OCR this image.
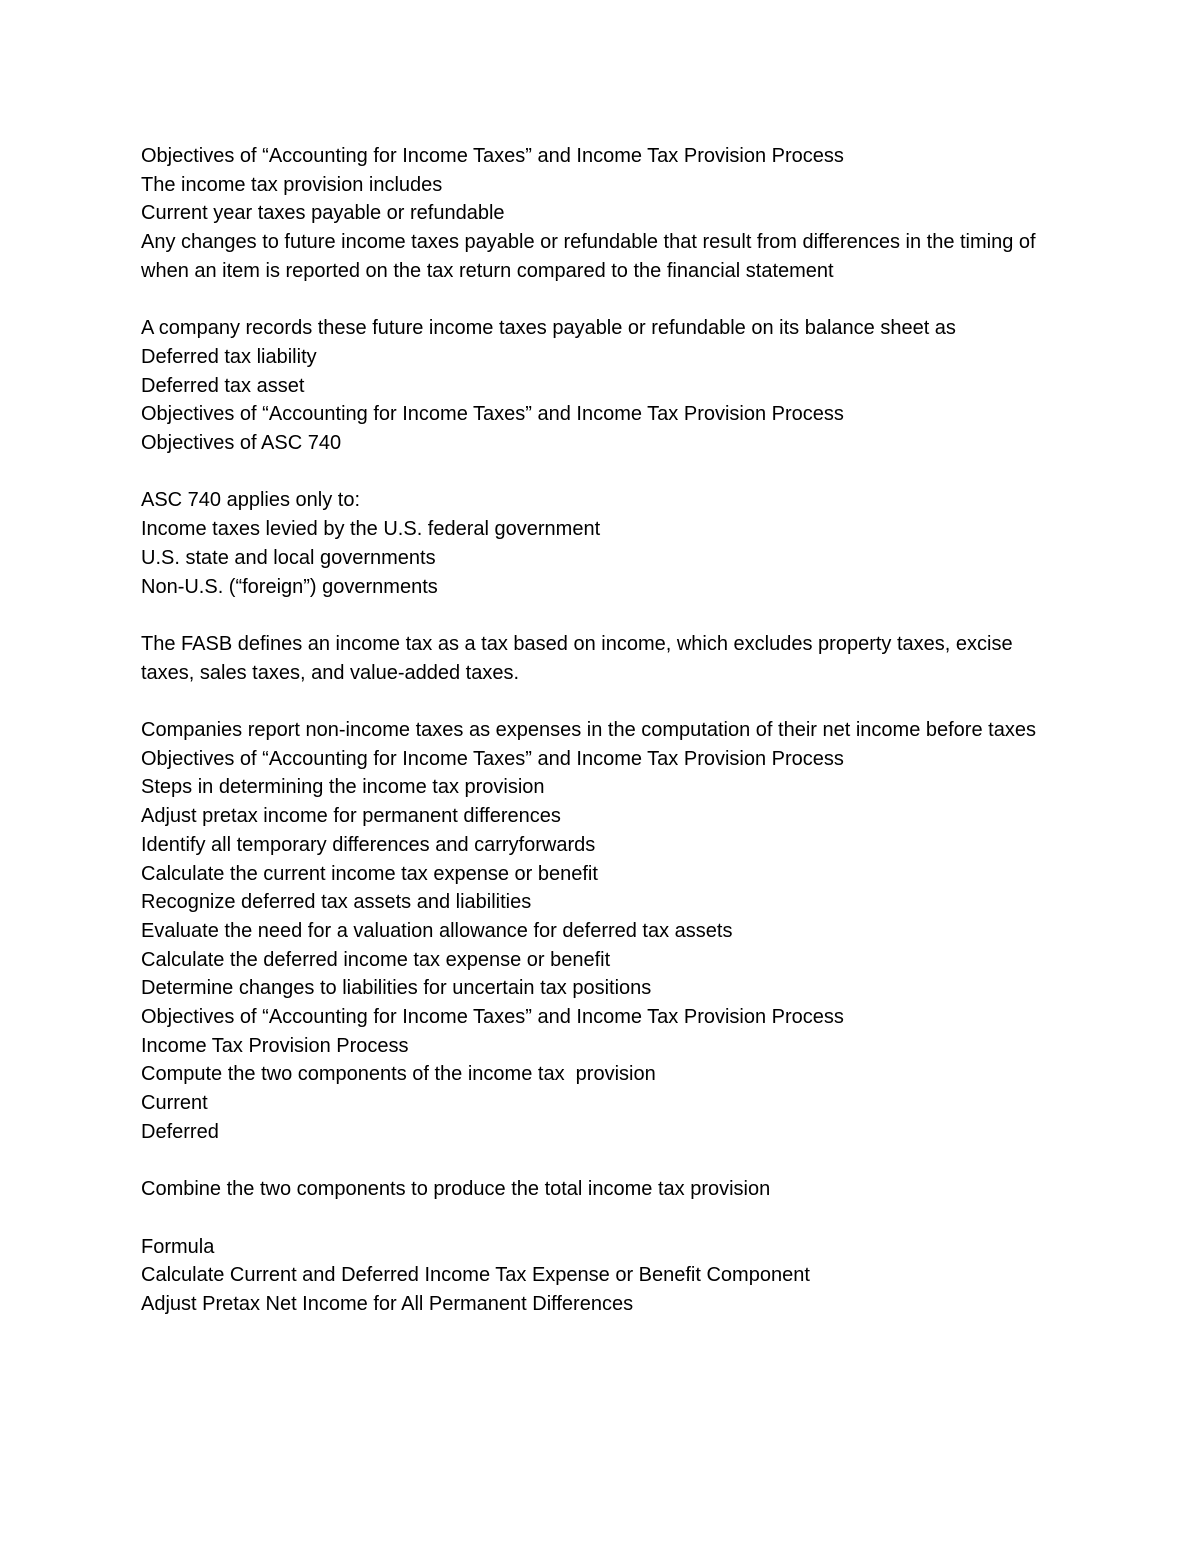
Objectives of “Accounting for Income Taxes” and Income Tax Provision Process

The income tax provision includes

Current year taxes payable or refundable

Any changes to future income taxes payable or refundable that result from differences in the timing of when an item is reported on the tax return compared to the financial statement

A company records these future income taxes payable or refundable on its balance sheet as

Deferred tax liability

Deferred tax asset

Objectives of “Accounting for Income Taxes” and Income Tax Provision Process

Objectives of ASC 740

ASC 740 applies only to:

Income taxes levied by the U.S. federal government

U.S. state and local governments

Non-U.S. (“foreign”) governments

The FASB defines an income tax as a tax based on income, which excludes property taxes, excise taxes, sales taxes, and value-added taxes.

Companies report non-income taxes as expenses in the computation of their net income before taxes

Objectives of “Accounting for Income Taxes” and Income Tax Provision Process

Steps in determining the income tax provision

Adjust pretax income for permanent differences

Identify all temporary differences and carryforwards

Calculate the current income tax expense or benefit

Recognize deferred tax assets and liabilities

Evaluate the need for a valuation allowance for deferred tax assets

Calculate the deferred income tax expense or benefit

Determine changes to liabilities for uncertain tax positions

Objectives of “Accounting for Income Taxes” and Income Tax Provision Process

Income Tax Provision Process

Compute the two components of the income tax  provision

Current

Deferred

Combine the two components to produce the total income tax provision

Formula

Calculate Current and Deferred Income Tax Expense or Benefit Component

Adjust Pretax Net Income for All Permanent Differences
